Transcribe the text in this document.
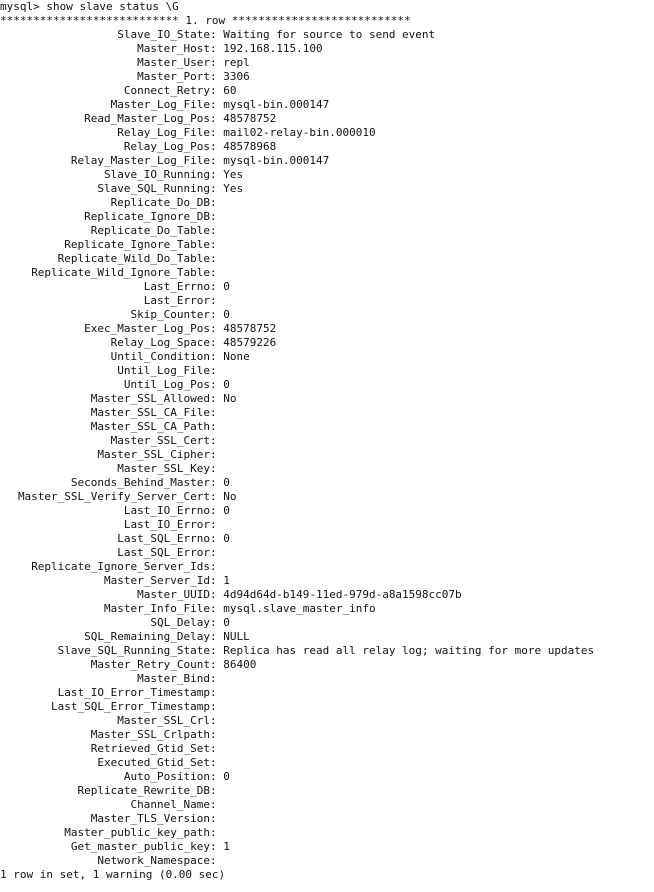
mysql> show slave status \G
*************************** 1. row ***************************
Slave_IO_State: Waiting for source to send event
Master_Host: 192.168.115.100
Master_User: repl
Master_Port: 3306
Connect_Retry: 60
Master_Log_File: mysql-bin.000147
Read_Master_Log_Pos: 48578752
Relay_Log_File: mail02-relay-bin.000010
Relay_Log_Pos: 48578968
Relay_Master_Log_File: mysql-bin.000147
Slave_IO_Running: Yes
Slave_SQL_Running: Yes
Replicate_Do_DB:
Replicate_Ignore_DB:
Replicate_Do_Table:
Replicate_Ignore_Table:
Replicate_Wild_Do_Table:
Replicate_Wild_Ignore_Table:
Last_Errno: 0
Last_Error:
Skip_Counter: 0
Exec_Master_Log_Pos: 48578752
Relay_Log_Space: 48579226
Until_Condition: None
Until_Log_File:
Until_Log_Pos: 0
Master_SSL_Allowed: No
Master_SSL_CA_File:
Master_SSL_CA_Path:
Master_SSL_Cert:
Master_SSL_Cipher:
Master_SSL_Key:
Seconds_Behind_Master: 0
Master_SSL_Verify_Server_Cert: No
Last_IO_Errno: 0
Last_IO_Error:
Last_SQL_Errno: 0
Last_SQL_Error:
Replicate_Ignore_Server_Ids:
Master_Server_Id: 1
Master_UUID: 4d94d64d-b149-11ed-979d-a8a1598cc07b
Master_Info_File: mysql.slave_master_info
SQL_Delay: 0
SQL_Remaining_Delay: NULL
Slave_SQL_Running_State: Replica has read all relay log; waiting for more updates
Master_Retry_Count: 86400
Master_Bind:
Last_IO_Error_Timestamp:
Last_SQL_Error_Timestamp:
Master_SSL_Crl:
Master_SSL_Crlpath:
Retrieved_Gtid_Set:
Executed_Gtid_Set:
Auto_Position: 0
Replicate_Rewrite_DB:
Channel_Name:
Master_TLS_Version:
Master_public_key_path:
Get_master_public_key: 1
Network_Namespace:
1 row in set, 1 warning (0.00 sec)
